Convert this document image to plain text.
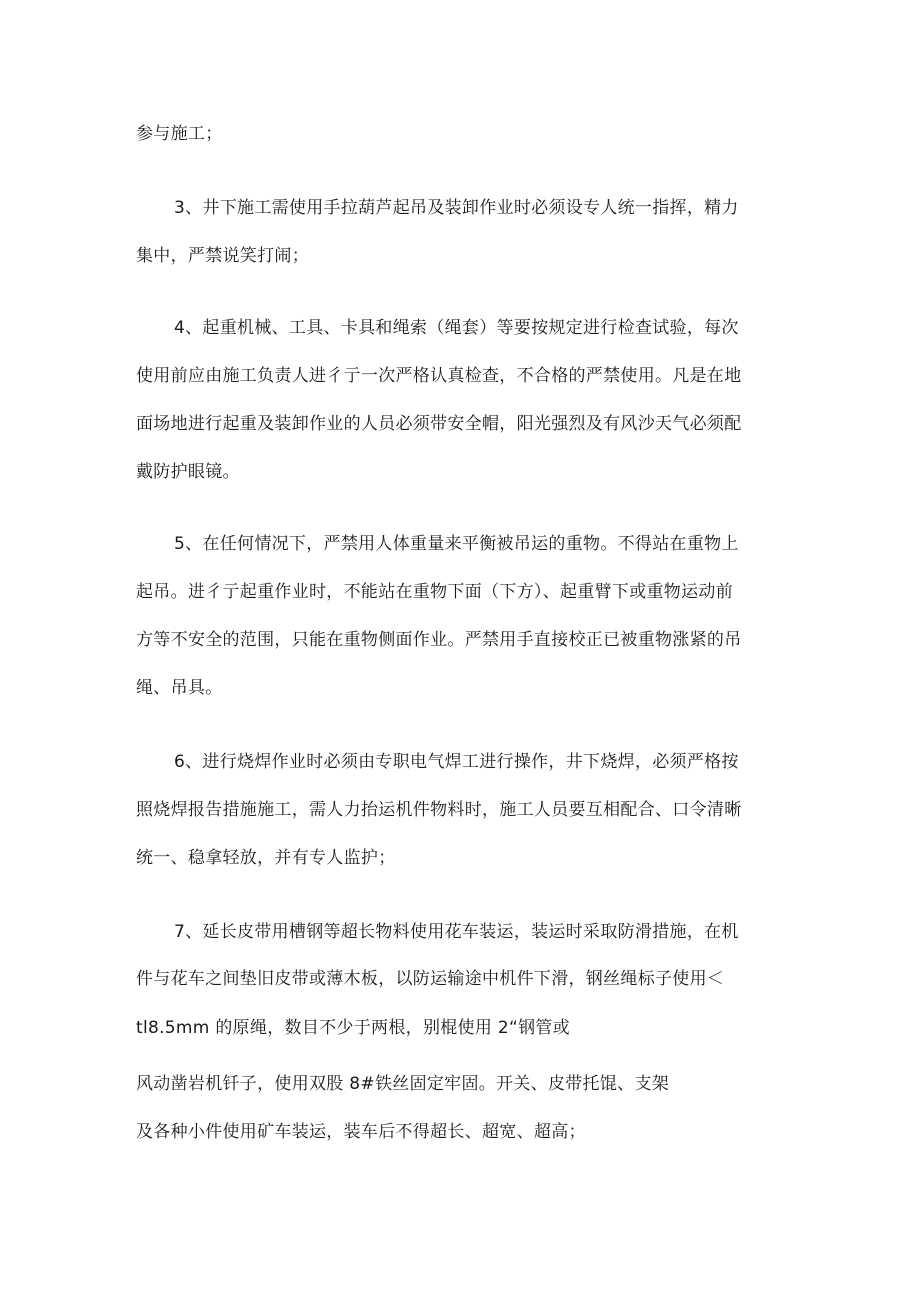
参与施工；
3、井下施工需使用手拉葫芦起吊及装卸作业时必须设专人统一指挥，精力
集中，严禁说笑打闹；
4、起重机械、工具、卡具和绳索（绳套）等要按规定进行检查试验，每次
使用前应由施工负责人进彳亍一次严格认真检查，不合格的严禁使用。凡是在地
面场地进行起重及装卸作业的人员必须带安全帽，阳光强烈及有风沙天气必须配
戴防护眼镜。
5、在任何情况下，严禁用人体重量来平衡被吊运的重物。不得站在重物上
起吊。进彳亍起重作业时，不能站在重物下面（下方）、起重臂下或重物运动前
方等不安全的范围，只能在重物侧面作业。严禁用手直接校正已被重物涨紧的吊
绳、吊具。
6、进行烧焊作业时必须由专职电气焊工进行操作，井下烧焊，必须严格按
照烧焊报告措施施工，需人力抬运机件物料时，施工人员要互相配合、口令清晰
统一、稳拿轻放，并有专人监护；
7、延长皮带用槽钢等超长物料使用花车装运，装运时采取防滑措施，在机
件与花车之间垫旧皮带或薄木板，以防运输途中机件下滑，钢丝绳标子使用＜
tl8.5mm 的原绳，数目不少于两根，别棍使用 2“钢管或
风动凿岩机钎子，使用双股 8#铁丝固定牢固。开关、皮带托馄、支架
及各种小件使用矿车装运，装车后不得超长、超宽、超高；
